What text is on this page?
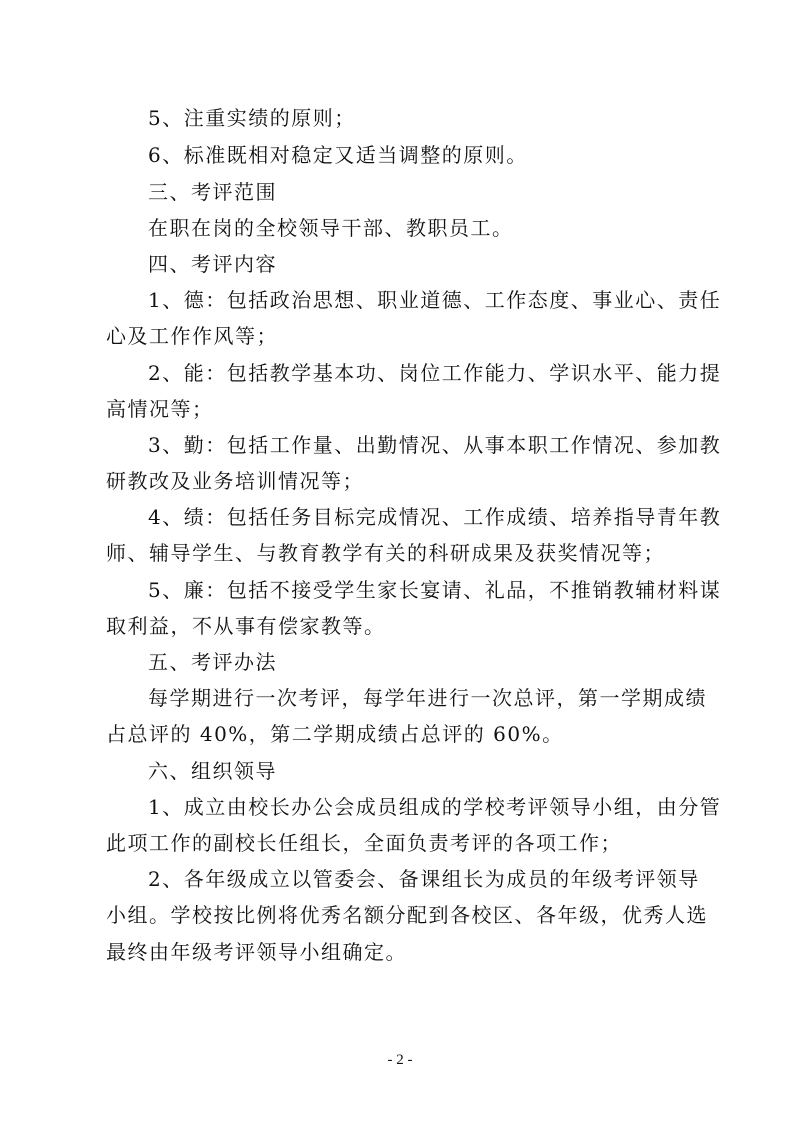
5、注重实绩的原则；
6、标准既相对稳定又适当调整的原则。
三、考评范围
在职在岗的全校领导干部、教职员工。
四、考评内容
1、德：包括政治思想、职业道德、工作态度、事业心、责任
心及工作作风等；
2、能：包括教学基本功、岗位工作能力、学识水平、能力提
高情况等；
3、勤：包括工作量、出勤情况、从事本职工作情况、参加教
研教改及业务培训情况等；
4、绩：包括任务目标完成情况、工作成绩、培养指导青年教
师、辅导学生、与教育教学有关的科研成果及获奖情况等；
5、廉：包括不接受学生家长宴请、礼品，不推销教辅材料谋
取利益，不从事有偿家教等。
五、考评办法
每学期进行一次考评，每学年进行一次总评，第一学期成绩
占总评的 40%，第二学期成绩占总评的 60%。
六、组织领导
1、成立由校长办公会成员组成的学校考评领导小组，由分管
此项工作的副校长任组长，全面负责考评的各项工作；
2、各年级成立以管委会、备课组长为成员的年级考评领导
小组。学校按比例将优秀名额分配到各校区、各年级，优秀人选
最终由年级考评领导小组确定。
- 2 -
